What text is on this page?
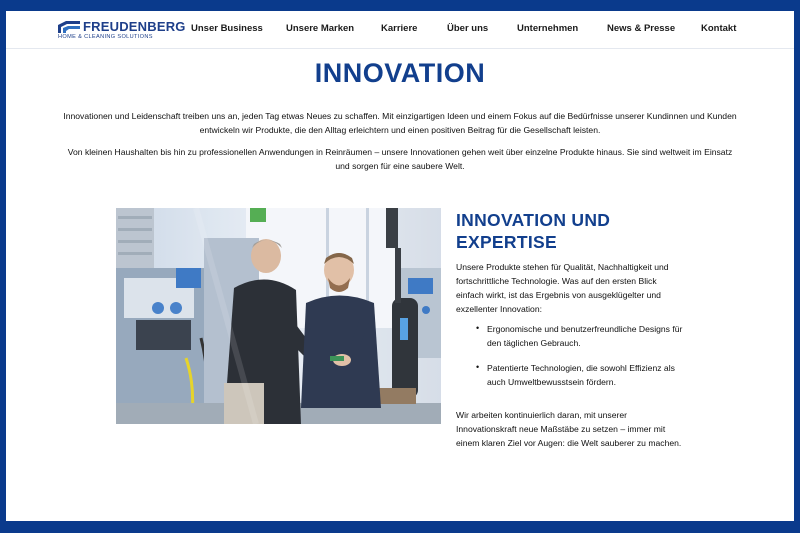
FREUDENBERG
HOME & CLEANING SOLUTIONS
Unser Business Unsere Marken	Karriere	Über uns	Unternehmen	News & Presse	Kontakt
INNOVATION
Innovationen und Leidenschaft treiben uns an, jeden Tag etwas Neues zu schaffen. Mit einzigartigen Ideen und einem Fokus auf die Bedürfnisse unserer Kundinnen und Kunden
entwickeln wir Produkte, die den Alltag erleichtern und einen positiven Beitrag für die Gesellschaft leisten.
Von kleinen Haushalten bis hin zu professionellen Anwendungen in Reinräumen – unsere Innovationen gehen weit über einzelne Produkte hinaus. Sie sind weltweit im Einsatz
und sorgen für eine saubere Welt.
INNOVATION UND
EXPERTISE
Unsere Produkte stehen für Qualität, Nachhaltigkeit und fortschrittliche Technologie. Was auf den ersten Blick einfach wirkt, ist das Ergebnis von ausgeklügelter und exzellenter Innovation:
• Ergonomische und benutzerfreundliche Designs für den täglichen Gebrauch.
• Patentierte Technologien, die sowohl Effizienz als auch Umweltbewusstsein fördern.
Wir arbeiten kontinuierlich daran, mit unserer Innovationskraft neue Maßstäbe zu setzen – immer mit einem klaren Ziel vor Augen: die Welt sauberer zu machen.
